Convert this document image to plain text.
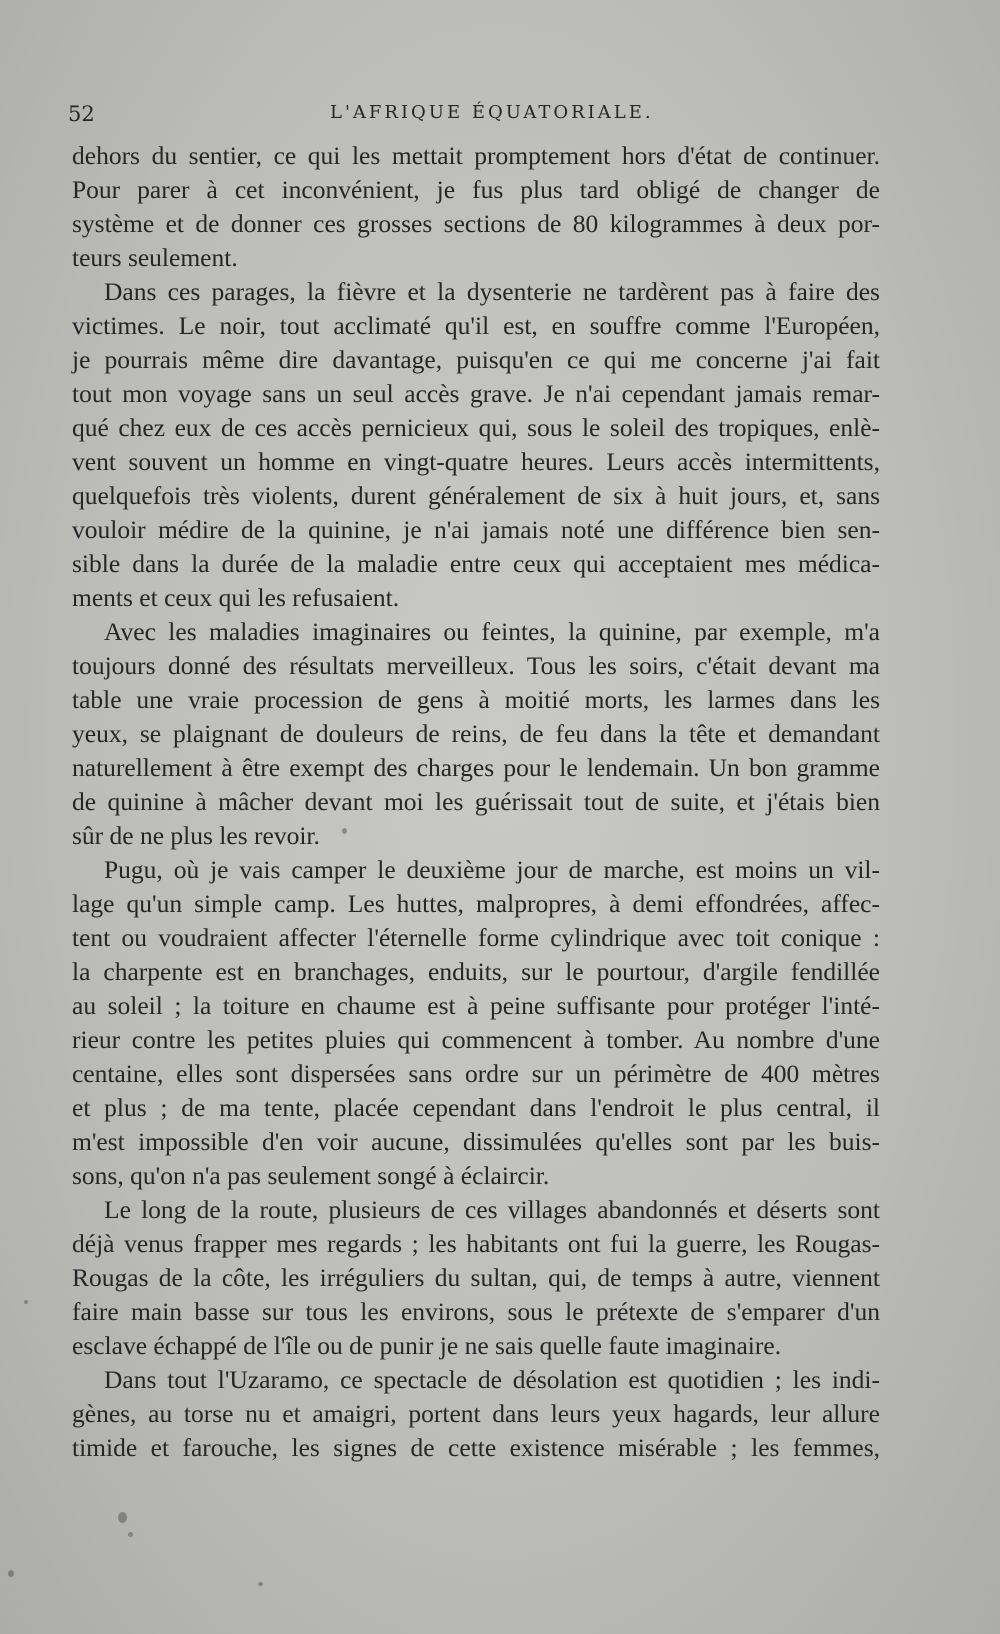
52	L'AFRIQUE ÉQUATORIALE.

dehors du sentier, ce qui les mettait promptement hors d'état de continuer.
Pour parer à cet inconvénient, je fus plus tard obligé de changer de
système et de donner ces grosses sections de 80 kilogrammes à deux por-
teurs seulement.

Dans ces parages, la fièvre et la dysenterie ne tardèrent pas à faire des
victimes. Le noir, tout acclimaté qu'il est, en souffre comme l'Européen,
je pourrais même dire davantage, puisqu'en ce qui me concerne j'ai fait
tout mon voyage sans un seul accès grave. Je n'ai cependant jamais remar-
qué chez eux de ces accès pernicieux qui, sous le soleil des tropiques, enlè-
vent souvent un homme en vingt-quatre heures. Leurs accès intermittents,
quelquefois très violents, durent généralement de six à huit jours, et, sans
vouloir médire de la quinine, je n'ai jamais noté une différence bien sen-
sible dans la durée de la maladie entre ceux qui acceptaient mes médica-
ments et ceux qui les refusaient.

Avec les maladies imaginaires ou feintes, la quinine, par exemple, m'a
toujours donné des résultats merveilleux. Tous les soirs, c'était devant ma
table une vraie procession de gens à moitié morts, les larmes dans les
yeux, se plaignant de douleurs de reins, de feu dans la tête et demandant
naturellement à être exempt des charges pour le lendemain. Un bon gramme
de quinine à mâcher devant moi les guérissait tout de suite, et j'étais bien
sûr de ne plus les revoir.

Pugu, où je vais camper le deuxième jour de marche, est moins un vil-
lage qu'un simple camp. Les huttes, malpropres, à demi effondrées, affec-
tent ou voudraient affecter l'éternelle forme cylindrique avec toit conique :
la charpente est en branchages, enduits, sur le pourtour, d'argile fendillée
au soleil ; la toiture en chaume est à peine suffisante pour protéger l'inté-
rieur contre les petites pluies qui commencent à tomber. Au nombre d'une
centaine, elles sont dispersées sans ordre sur un périmètre de 400 mètres
et plus ; de ma tente, placée cependant dans l'endroit le plus central, il
m'est impossible d'en voir aucune, dissimulées qu'elles sont par les buis-
sons, qu'on n'a pas seulement songé à éclaircir.

Le long de la route, plusieurs de ces villages abandonnés et déserts sont
déjà venus frapper mes regards ; les habitants ont fui la guerre, les Rougas-
Rougas de la côte, les irréguliers du sultan, qui, de temps à autre, viennent
faire main basse sur tous les environs, sous le prétexte de s'emparer d'un
esclave échappé de l'île ou de punir je ne sais quelle faute imaginaire.

Dans tout l'Uzaramo, ce spectacle de désolation est quotidien ; les indi-
gènes, au torse nu et amaigri, portent dans leurs yeux hagards, leur allure
timide et farouche, les signes de cette existence misérable ; les femmes,
